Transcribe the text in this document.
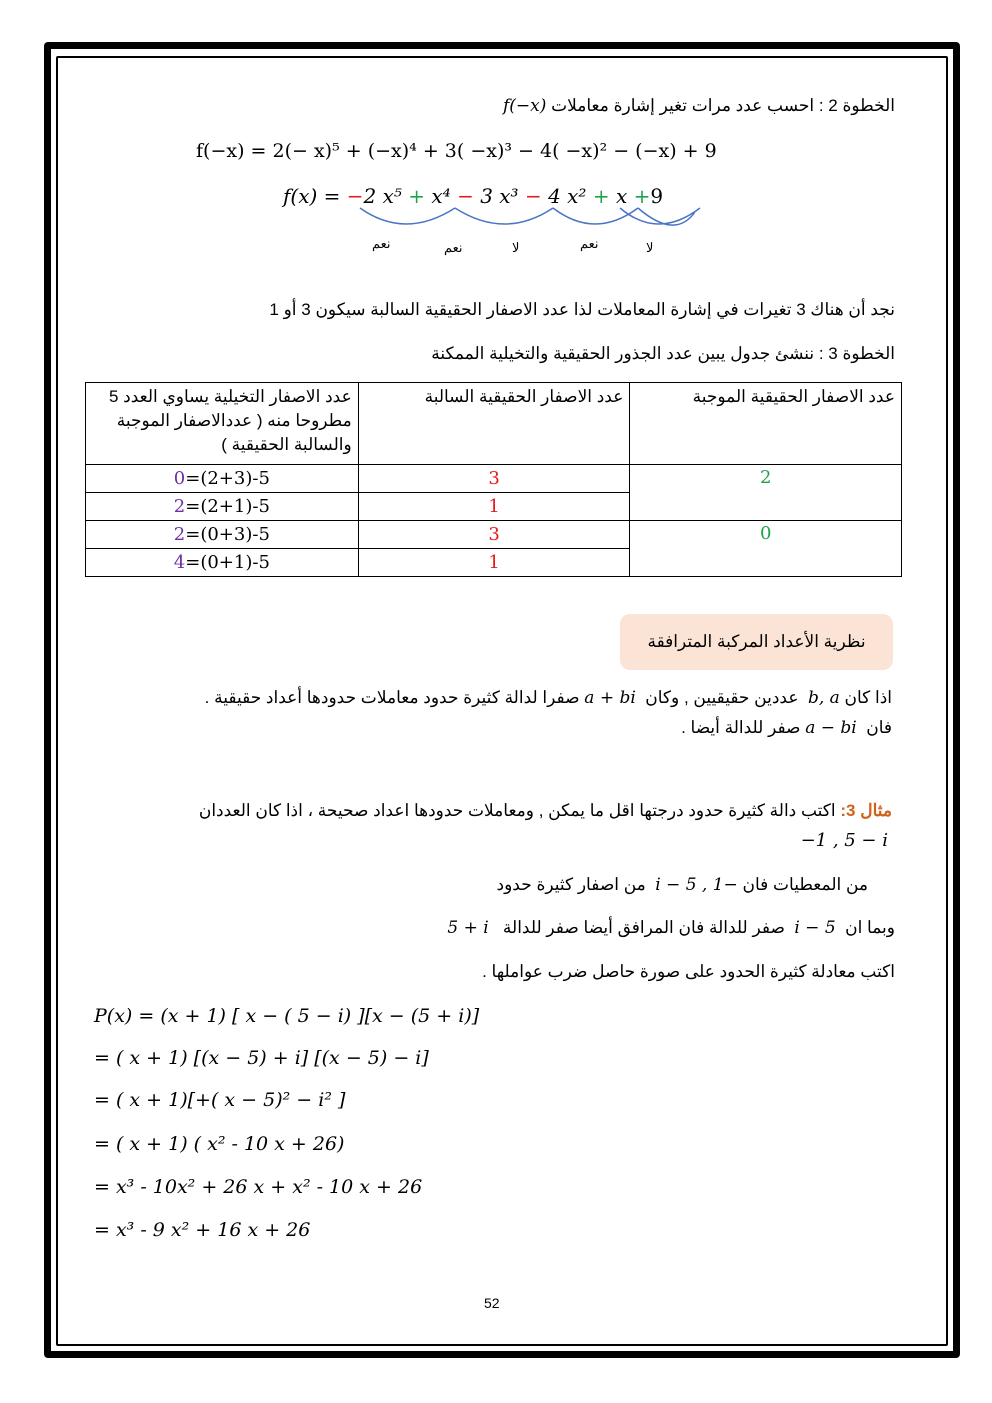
الخطوة 2 : احسب عدد مرات تغير إشارة معاملات f(−x)
f(−x) = 2(− x)⁵ + (−x)⁴ + 3( −x)³ − 4( −x)² − (−x) + 9
f(x) = −2 x⁵ + x⁴ − 3 x³ − 4 x² + x +9
نعم	نعم	لا	نعم	لا
نجد أن هناك 3 تغيرات في إشارة المعاملات لذا عدد الاصفار الحقيقية السالبة سيكون 3 أو 1
الخطوة 3 : ننشئ جدول يبين عدد الجذور الحقيقية والتخيلية الممكنة
عدد الاصفار الحقيقية الموجبة	عدد الاصفار الحقيقية السالبة	عدد الاصفار التخيلية يساوي العدد 5 مطروحا منه ( عددالاصفار الموجبة والسالبة الحقيقية )
2	3	5-(2+3)=0
	1	5-(2+1)=2
0	3	5-(0+3)=2
	1	5-(0+1)=4
نظرية الأعداد المركبة المترافقة
اذا كان b, a  عددين حقيقيين , وكان  a + bi صفرا لدالة كثيرة حدود معاملات حدودها أعداد حقيقية .
فان  a − bi صفر للدالة أيضا .
مثال 3: اكتب دالة كثيرة حدود درجتها اقل ما يمكن , ومعاملات حدودها اعداد صحيحة ، اذا كان العددان
−1 , 5 − i
من المعطيات فان i − 5 , 1−  من اصفار كثيرة حدود
وبما ان  i − 5  صفر للدالة فان المرافق أيضا صفر للدالة   5 + i
اكتب معادلة كثيرة الحدود على صورة حاصل ضرب عواملها .
P(x) = (x + 1) [ x − ( 5 − i) ][x − (5 + i)]
= ( x + 1) [(x − 5) + i] [(x − 5) − i]
= ( x + 1)[+( x − 5)² − i² ]
= ( x + 1) ( x² - 10 x + 26)
= x³ - 10x² + 26 x + x² - 10 x + 26
= x³ - 9 x² + 16 x + 26
52
